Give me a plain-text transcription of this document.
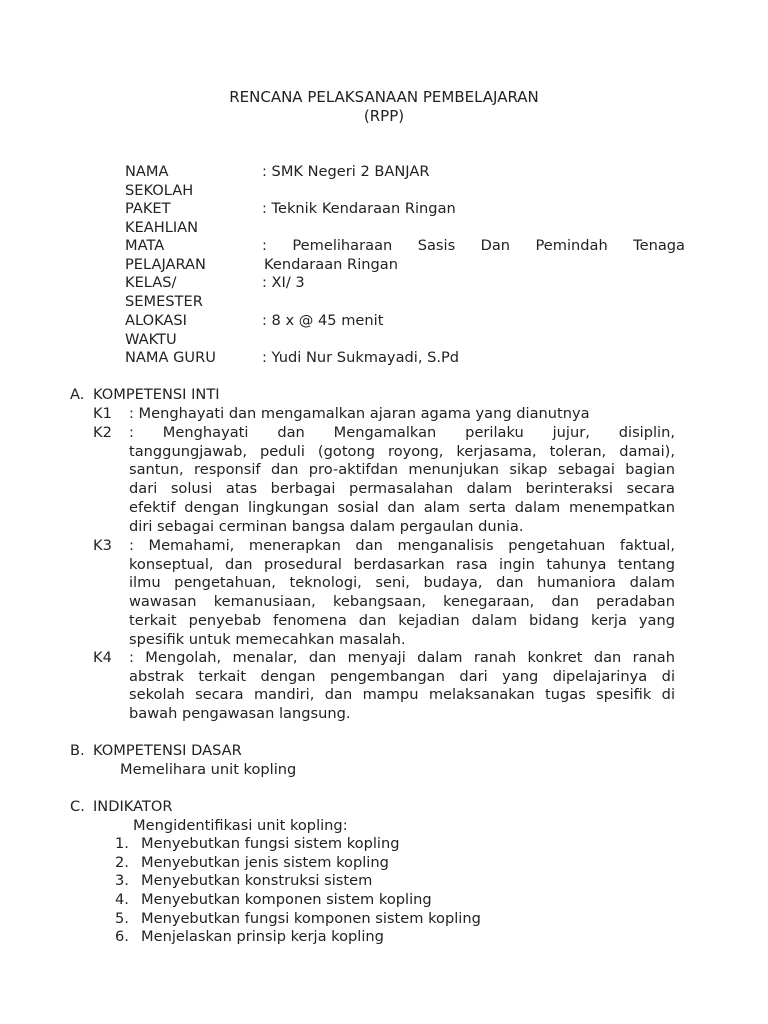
RENCANA PELAKSANAAN PEMBELAJARAN
(RPP)
NAMA
SEKOLAH
: SMK Negeri 2 BANJAR
PAKET
KEAHLIAN
: Teknik Kendaraan Ringan
MATA
PELAJARAN
: Pemeliharaan Sasis Dan Pemindah Tenaga
Kendaraan Ringan
KELAS/
SEMESTER
: XI/ 3
ALOKASI
WAKTU
: 8 x @ 45 menit
NAMA GURU	: Yudi Nur Sukmayadi, S.Pd
A. KOMPETENSI INTI
K1 : Menghayati dan mengamalkan ajaran agama yang dianutnya
K2 : Menghayati dan Mengamalkan perilaku jujur, disiplin,
tanggungjawab, peduli (gotong royong, kerjasama, toleran, damai),
santun, responsif dan pro-aktifdan menunjukan sikap sebagai bagian
dari solusi atas berbagai permasalahan dalam berinteraksi secara
efektif dengan lingkungan sosial dan alam serta dalam menempatkan
diri sebagai cerminan bangsa dalam pergaulan dunia.
K3 : Memahami, menerapkan dan menganalisis pengetahuan faktual,
konseptual, dan prosedural berdasarkan rasa ingin tahunya tentang
ilmu pengetahuan, teknologi, seni, budaya, dan humaniora dalam
wawasan kemanusiaan, kebangsaan, kenegaraan, dan peradaban
terkait penyebab fenomena dan kejadian dalam bidang kerja yang
spesifik untuk memecahkan masalah.
K4 : Mengolah, menalar, dan menyaji dalam ranah konkret dan ranah
abstrak terkait dengan pengembangan dari yang dipelajarinya di
sekolah secara mandiri, dan mampu melaksanakan tugas spesifik di
bawah pengawasan langsung.
B. KOMPETENSI DASAR
Memelihara unit kopling
C. INDIKATOR
Mengidentifikasi unit kopling:
1. Menyebutkan fungsi sistem kopling
2. Menyebutkan jenis sistem kopling
3. Menyebutkan konstruksi sistem
4. Menyebutkan komponen sistem kopling
5. Menyebutkan fungsi komponen sistem kopling
6. Menjelaskan prinsip kerja kopling
